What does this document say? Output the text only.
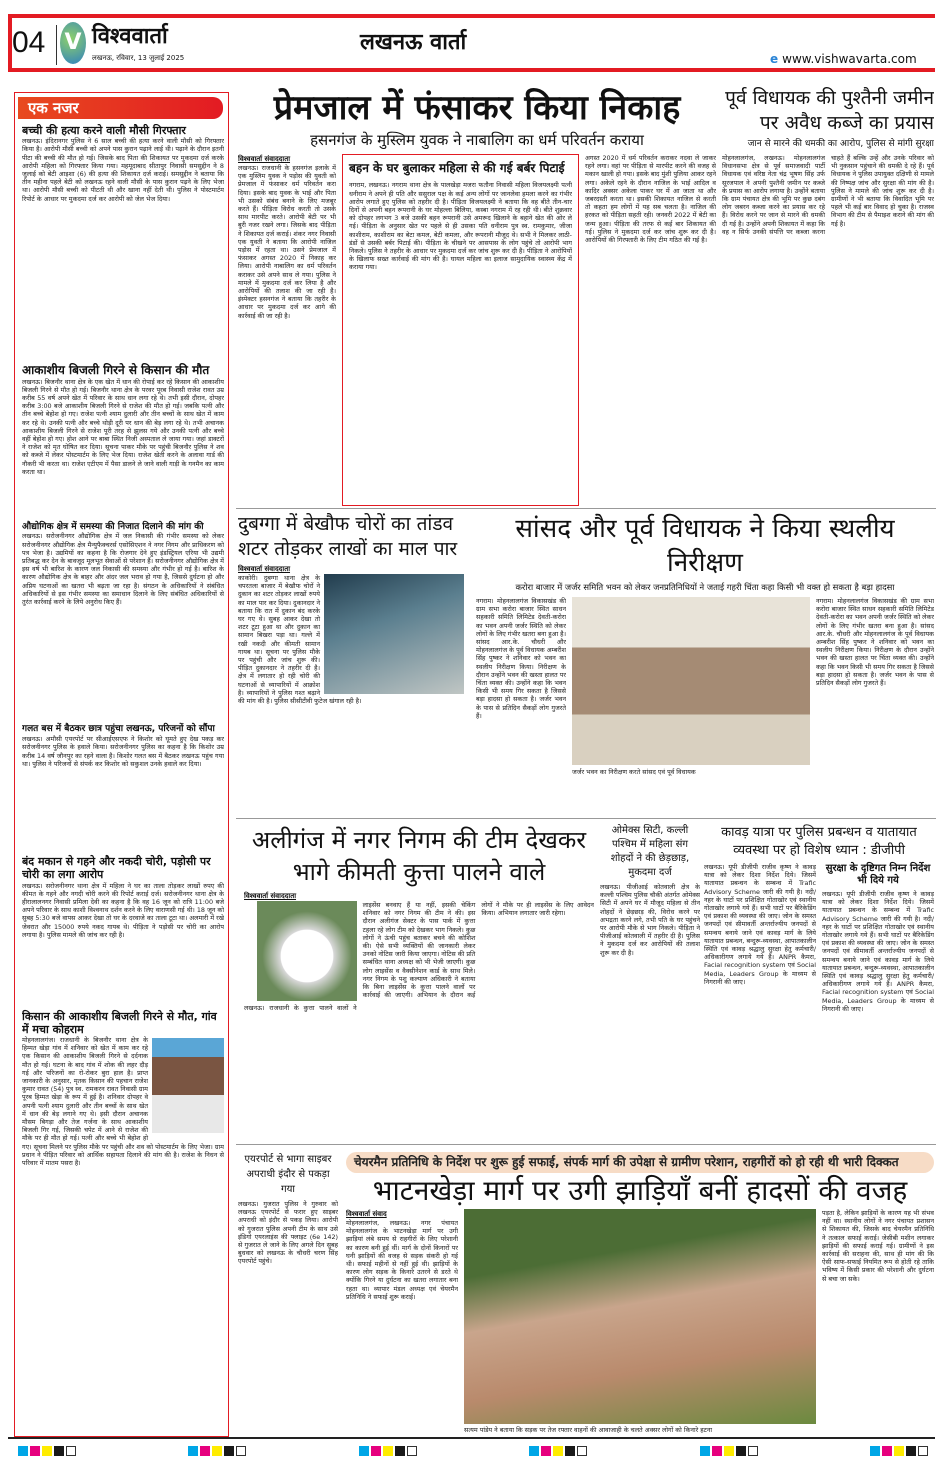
04 V विश्ववार्ता
लखनऊ, रविवार, 13 जुलाई 2025
लखनऊ वार्ता
e www.vishwavarta.com
एक नजर
बच्ची की हत्या करने वाली मौसी गिरफ्तार
लखनऊ। इंदिरानगर पुलिस ने 6 साल बच्ची की हत्या करने वाली मौसी को गिरफ्तार किया है। आरोपी मौसी बच्ची को अपने पास कुरान पढ़ाने लाई थी। पढ़ाने के दौरान इतनी पीटा की बच्ची की मौत हो गई। जिसके बाद पिता की शिकायत पर मुकदमा दर्ज करके आरोपी महिला को गिरफ्तार किया गया। महमूदाबाद सीतापुर निवासी समसुद्दीन ने 8 जुलाई को बेटी आइशा (6) की हत्या की शिकायत दर्ज कराई। समसुद्दीन ने बताया कि तीन महीना पहले बेटी को लखनऊ रहने वाली मौसी के पास कुरान पढ़ने के लिए भेजा था। आरोपी मौसी बच्ची को पीटती थी और खाना नहीं देती थी। पुलिस ने पोस्टमार्टम रिपोर्ट के आधार पर मुकदमा दर्ज कर आरोपी को जेल भेज दिया।
आकाशीय बिजली गिरने से किसान की मौत
लखनऊ। बिजनौर थाना क्षेत्र के एक खेत में धान की रोपाई कर रहे किसान की आकाशीय बिजली गिरने से मौत हो गई। बिजनौर थाना क्षेत्र के परवर पूरब निवासी राजेश रावत उम्र करीब 55 वर्ष अपने खेत में परिवार के साथ धान लगा रहे थे। तभी इसी दौरान, दोपहर करीब 3:00 बजे आकाशीय बिजली गिरने से राजेश की मौत हो गई। जबकि पत्नी और तीन बच्चे बेहोश हो गए। राजेश पत्नी श्याम दुलारी और तीन बच्चों के साथ खेत में काम कर रहे थे। उनकी पत्नी और बच्चे थोड़ी दूरी पर धान की बेड़ लगा रहे थे। तभी अचानक आकाशीय बिजली गिरने से राजेश पूरी तरह से झुलस गये और उनकी पत्नी और बच्चे वहीं बेहोश हो गए। होश आने पर बाबा स्थित निजी अस्पताल ले जाया गया। जहां डाक्टरों ने राजेश को मृत घोषित कर दिया। सूचना पाकर मौके पर पहुंची बिजनौर पुलिस ने शव को कब्जे में लेकर पोस्टमार्टम के लिए भेज दिया। राजेश खेती करने के अलावा गार्ड की नौकरी भी करता था। राजेश एटीएम में पैसा डालने ले जाने वाली गाड़ी के गनमैन का काम करता था।
औद्योगिक क्षेत्र में समस्या की निजात दिलाने की मांग की
लखनऊ। सरोजनीनगर औद्योगिक क्षेत्र में जल निकासी की गंभीर समस्या को लेकर सरोजनीनगर औद्योगिक क्षेत्र मैन्युफैक्चरर्स एसोसिएशन ने नगर निगम और प्राधिकरण को पत्र भेजा है। उद्यमियों का कहना है कि रोजगार देने हुए इंडस्ट्रियल एरिया भी उद्यमी प्रतिबद्ध कर देन के बावजूद मूलभूत सेवाओं से परेशान हैं। सरोजनीनगर औद्योगिक क्षेत्र में इस वर्ष भी बारिश के कारण जल निकासी की समस्या और गंभीर हो गई है। बारिश के कारण औद्योगिक क्षेत्र के बाहर और अंदर जल भराव हो गया है, जिससे दुर्घटना हो और अप्रिय घटनाओं का खतरा भी बढ़ता जा रहा है। संगठन के अधिकारियों ने संबंधित अधिकारियों से इस गंभीर समस्या का समाधान दिलाने के लिए संबंधित अधिकारियों से तुरंत कार्रवाई करने के लिये अनुरोध किए हैं।
गलत बस में बैठकर छात्र पहुंचा लखनऊ, परिजनों को सौंपा
लखनऊ। अमौसी एयरपोर्ट पर सीआईएसएफ ने किशोर को घूमते हुए देख पकड़ कर सरोजनीनगर पुलिस के हवाले किया। सरोजनीनगर पुलिस का कहना है कि किशोर उम्र करीब 14 वर्ष जौनपुर का रहने वाला है। किशोर गलत बस में बैठकर लखनऊ पहुंच गया था। पुलिस ने परिजनों से संपर्क कर किशोर को सकुशल उनके हवाले कर दिया।
बंद मकान से गहने और नकदी चोरी, पड़ोसी पर चोरी का लगा आरोप
लखनऊ। सरोजनीनगर थाना क्षेत्र में महिला ने घर का ताला तोड़कर लाखों रुपए की कीमत के गहने और नगदी चोरी करने की रिपोर्ट कराई दर्ज। सरोजनीनगर थाना क्षेत्र के हीरालालनगर निवासी प्रमिला देवी का कहना है कि वह 16 जून को रात्रि 11:00 बजे अपने परिवार के साथ काशी विश्वनाथ दर्शन करने के लिए वाराणसी गई थी। 18 जून को सुबह 5:30 बजे वापस आकर देखा तो घर के दरवाजे का ताला टूटा था। अलमारी में रखे जेवरात और 15000 रुपये नकद गायब थे। पीड़िता ने पड़ोसी पर चोरी का आरोप लगाया है। पुलिस मामले की जांच कर रही है।
किसान की आकाशीय बिजली गिरने से मौत, गांव में मचा कोहराम
मोहनलालगंज। राजधानी के बिजनौर थाना क्षेत्र के हिम्मत खेड़ा गांव में शनिवार को खेत में काम कर रहे एक किसान की आकाशीय बिजली गिरने से दर्दनाक मौत हो गई। घटना के बाद गांव में शोक की लहर दौड़ गई और परिजनों का रो-रोकर बुरा हाल है। प्राप्त जानकारी के अनुसार, मृतक किसान की पहचान राजेश कुमार रावत (54) पुत्र स्व. रामकरन रावत निवासी ग्राम पूरब हिम्मत खेड़ा के रूप में हुई है। शनिवार दोपहर वे अपनी पत्नी श्याम दुलारी और तीन बच्चों के साथ खेत में धान की बेड़ लगाने गए थे। इसी दौरान अचानक मौसम बिगड़ा और तेज गर्जना के साथ आकाशीय बिजली गिर गई, जिसकी चपेट में आने से राजेश की मौके पर ही मौत हो गई। पत्नी और बच्चे भी बेहोश हो गए। सूचना मिलने पर पुलिस मौके पर पहुंची और शव को पोस्टमार्टम के लिए भेजा। ग्राम प्रधान ने पीड़ित परिवार को आर्थिक सहायता दिलाने की मांग की है। राजेश के निधन से परिवार में मातम पसरा है।
प्रेमजाल में फंसाकर किया निकाह
हसनगंज के मुस्लिम युवक ने नाबालिग का धर्म परिवर्तन कराया
विश्ववार्ता संवाददाता
लखनऊ। राजधानी के हसनगंज इलाके में एक मुस्लिम युवक ने पड़ोस की युवती को प्रेमजाल में फंसाकर धर्म परिवर्तन करा दिया। इसके बाद युवक के भाई और पिता भी उसको संबंध बनाने के लिए मजबूर करते हैं। पीड़िता विरोध करती तो उसके साथ मारपीट करते। आरोपी बेटी पर भी बुरी नजर रखने लगा। जिसके बाद पीड़िता ने शिकायत दर्ज कराई। शंकर नगर निवासी एक युवती ने बताया कि आरोपी नाजिल पड़ोस में रहता था। उसने प्रेमजाल में फंसाकर अगस्त 2020 में निकाह कर लिया। आरोपी नाबालिग का धर्म परिवर्तन कराकर उसे अपने साथ ले गया। पुलिस ने मामले में मुकदमा दर्ज कर लिया है और आरोपियों की तलाश की जा रही है। इंस्पेक्टर हसनगंज ने बताया कि तहरीर के आधार पर मुकदमा दर्ज कर आगे की कार्रवाई की जा रही है।
बहन के घर बुलाकर महिला से की गई बर्बर पिटाई
नगराम, लखनऊ। नगराम थाना क्षेत्र के पालखेड़ा मजरा फतौना निवासी महिला विजयलक्ष्मी पत्नी धनीराम ने अपने ही पति और ससुराल पक्ष के कई अन्य लोगों पर जानलेवा हमला करने का गंभीर आरोप लगाते हुए पुलिस को तहरीर दी है। पीड़िता विजयलक्ष्मी ने बताया कि वह बीते तीन-चार दिनों से अपनी बहन रूपरानी के घर मोहल्ला बिलिया, कस्बा नगराम में रह रही थी। बीते शुक्रवार को दोपहर लगभग 3 बजे उसकी बहन रूपरानी उसे अमरूद खिलाने के बहाने खेत की ओर ले गई। पीड़िता के अनुसार खेत पर पहले से ही उसका पति धनीराम पुत्र स्व. रामकुमार, जीजा काशीराम, काशीराम का बेटा कमल, बेटी कमला, और रूपरानी मौजूद थे। सभी ने मिलकर लाठी-डंडों से उसकी बर्बर पिटाई की। पीड़िता के चीखने पर आसपास के लोग पहुंचे तो आरोपी भाग निकले। पुलिस ने तहरीर के आधार पर मुकदमा दर्ज कर जांच शुरू कर दी है। पीड़िता ने आरोपियों के खिलाफ सख्त कार्रवाई की मांग की है। घायल महिला का इलाज सामुदायिक स्वास्थ्य केंद्र में कराया गया।
अगस्त 2020 में धर्म परिवर्तन कराकर नदवा ले जाकर रहने लगा। वहां पर पीड़िता से मारपीट करने की वजह से मकान खाली हो गया। इसके बाद मुंशी पुलिया आकर रहने लगा। अकेले रहने के दौरान नाजिल के भाई आदिल व कादिर अक्सर अकेला पाकर घर में आ जाता था और जबरदस्ती करता था। इसकी शिकायत नाजिल से करती तो कहता हम लोगों में यह सब चलता है। नाजिल की हरकत को पीड़िता सहती रही। जनवरी 2022 में बेटी का जन्म हुआ। पीड़िता की तरफ से कई बार शिकायत की गई। पुलिस ने मुकदमा दर्ज कर जांच शुरू कर दी है। आरोपियों की गिरफ्तारी के लिए टीम गठित की गई है।
पूर्व विधायक की पुश्तैनी जमीन पर अवैध कब्जे का प्रयास
जान से मारने की धमकी का आरोप, पुलिस से मांगी सुरक्षा
मोहनलालगंज, लखनऊ। मोहनलालगंज विधानसभा क्षेत्र से पूर्व समाजवादी पार्टी विधायक एवं वरिष्ठ नेता चंद्र भूषण सिंह उर्फ सूरजपाल ने अपनी पुश्तैनी जमीन पर कब्जे के प्रयास का आरोप लगाया है। उन्होंने बताया कि ग्राम पंचायत क्षेत्र की भूमि पर कुछ दबंग लोग जबरन कब्जा करने का प्रयास कर रहे हैं। विरोध करने पर जान से मारने की धमकी दी गई है। उन्होंने अपनी शिकायत में कहा कि वह न सिर्फ उनकी संपत्ति पर कब्जा करना चाहते हैं बल्कि उन्हें और उनके परिवार को भी नुकसान पहुंचाने की धमकी दे रहे हैं। पूर्व विधायक ने पुलिस उपायुक्त दक्षिणी से मामले की निष्पक्ष जांच और सुरक्षा की मांग की है। पुलिस ने मामले की जांच शुरू कर दी है। ग्रामीणों ने भी बताया कि विवादित भूमि पर पहले भी कई बार विवाद हो चुका है। राजस्व विभाग की टीम से पैमाइश कराने की मांग की गई है।
दुबग्गा में बेखौफ चोरों का तांडव शटर तोड़कर लाखों का माल पार
विश्ववार्ता संवाददाता
काकोरी। दुबग्गा थाना क्षेत्र के चपरतला बाजार में बेखौफ चोरों ने दुकान का शटर तोड़कर लाखों रुपये का माल पार कर दिया। दुकानदार ने बताया कि रात में दुकान बंद करके घर गए थे। सुबह आकर देखा तो शटर टूटा हुआ था और दुकान का सामान बिखरा पड़ा था। गल्ले में रखी नकदी और कीमती सामान गायब था। सूचना पर पुलिस मौके पर पहुंची और जांच शुरू की। पीड़ित दुकानदार ने तहरीर दी है। क्षेत्र में लगातार हो रही चोरी की घटनाओं से व्यापारियों में आक्रोश है। व्यापारियों ने पुलिस गश्त बढ़ाने की मांग की है। पुलिस सीसीटीवी फुटेज खंगाल रही है।
सांसद और पूर्व विधायक ने किया स्थलीय निरीक्षण
करोरा बाजार में जर्जर समिति भवन को लेकर जनप्रतिनिधियों ने जताई गहरी चिंता कहा किसी भी वक्त हो सकता है बड़ा हादसा
नगराम। मोहनलालगंज विकासखंड की ग्राम सभा करोरा बाजार स्थित साधन सहकारी समिति लिमिटेड देवती-करोरा का भवन अपनी जर्जर स्थिति को लेकर लोगों के लिए गंभीर खतरा बना हुआ है। सांसद आर.के. चौधरी और मोहनलालगंज के पूर्व विधायक अम्बरीश सिंह पुष्कर ने शनिवार को भवन का स्थलीय निरीक्षण किया। निरीक्षण के दौरान उन्होंने भवन की खस्ता हालत पर चिंता व्यक्त की। उन्होंने कहा कि भवन किसी भी समय गिर सकता है जिससे बड़ा हादसा हो सकता है। जर्जर भवन के पास से प्रतिदिन सैकड़ों लोग गुजरते हैं।
जर्जर भवन का निरीक्षण करते सांसद एवं पूर्व विधायक
नगराम। मोहनलालगंज विकासखंड की ग्राम सभा करोरा बाजार स्थित साधन सहकारी समिति लिमिटेड देवती-करोरा का भवन अपनी जर्जर स्थिति को लेकर लोगों के लिए गंभीर खतरा बना हुआ है। सांसद आर.के. चौधरी और मोहनलालगंज के पूर्व विधायक अम्बरीश सिंह पुष्कर ने शनिवार को भवन का स्थलीय निरीक्षण किया। निरीक्षण के दौरान उन्होंने भवन की खस्ता हालत पर चिंता व्यक्त की। उन्होंने कहा कि भवन किसी भी समय गिर सकता है जिससे बड़ा हादसा हो सकता है। जर्जर भवन के पास से प्रतिदिन सैकड़ों लोग गुजरते हैं।
अलीगंज में नगर निगम की टीम देखकर भागे कीमती कुत्ता पालने वाले
विश्ववार्ता संवाददाता
लखनऊ। राजधानी के कुत्ता पालने वालों ने लाइसेंस बनवाए हैं या नहीं, इसकी चेकिंग शनिवार को नगर निगम की टीम ने की। इस दौरान अलीगंज सेक्टर के पास पार्क में कुत्ता टहला रहे लोग टीम को देखकर भाग निकले। कुछ लोगों ने ऊंची पहुंच बताकर बचने की कोशिश की। ऐसे सभी व्यक्तियों की जानकारी लेकर उनको नोटिस जारी किया जाएगा। नोटिस की प्रति सम्बंधित थाना अध्यक्ष को भी भेजी जाएगी। कुछ लोग लाइसेंस व वैक्सीनेशन कार्ड के साथ मिले। नगर निगम के पशु कल्याण अधिकारी ने बताया कि बिना लाइसेंस के कुत्ता पालने वालों पर कार्रवाई की जाएगी। अभियान के दौरान कई लोगों ने मौके पर ही लाइसेंस के लिए आवेदन किया। अभियान लगातार जारी रहेगा।
ओमेक्स सिटी, कल्ली पश्चिम में महिला संग शोहदों ने की छेड़छाड़, मुकदमा दर्ज
लखनऊ। पीजीआई कोतवाली क्षेत्र के कल्ली पश्चिम पुलिस चौकी अंतर्गत ओमेक्स सिटी में अपने घर में मौजूद महिला से तीन शोहदों ने छेड़छाड़ की, विरोध करने पर अभद्रता करने लगे, तभी पति के घर पहुंचने पर आरोपी मौके से भाग निकले। पीड़िता ने पीजीआई कोतवाली में तहरीर दी है। पुलिस ने मुकदमा दर्ज कर आरोपियों की तलाश शुरू कर दी है।
कावड़ यात्रा पर पुलिस प्रबन्धन व यातायात व्यवस्था पर हो विशेष ध्यान : डीजीपी
लखनऊ। यूपी डीजीपी राजीव कृष्ण ने कावड़ यात्रा को लेकर दिशा निर्देश दिये। जिसमें यातायात प्रबन्धन के सम्बन्ध में Trafic Advisory Scheme जारी की गयी है। नदी/नहर के घाटों पर प्रशिक्षित गोताखोर एवं स्थानीय गोताखोर लगाये गये हैं। सभी घाटों पर बैरिकेडिंग एवं प्रकाश की व्यवस्था की जाए। जोन के समस्त जनपदों एवं सीमावर्ती अन्तर्राज्यीय जनपदों से समन्वय बनाये जाने एवं कावड़ मार्ग के लिये यातायात प्रबन्धन, बन्दुरू-व्यवस्था, आपातकालीन स्थिति एवं कावड़ श्रद्धालु सुरक्षा हेतु कर्मचारी/अधिकारीगण लगाये गये हैं। ANPR कैमरा, Facial recognition system एवं Social Media, Leaders Group के माध्यम से निगरानी की जाए।
सुरक्षा के दृष्टिगत निम्न निर्देश भी दिये गये
लखनऊ। यूपी डीजीपी राजीव कृष्ण ने कावड़ यात्रा को लेकर दिशा निर्देश दिये। जिसमें यातायात प्रबन्धन के सम्बन्ध में Trafic Advisory Scheme जारी की गयी है। नदी/नहर के घाटों पर प्रशिक्षित गोताखोर एवं स्थानीय गोताखोर लगाये गये हैं। सभी घाटों पर बैरिकेडिंग एवं प्रकाश की व्यवस्था की जाए। जोन के समस्त जनपदों एवं सीमावर्ती अन्तर्राज्यीय जनपदों से समन्वय बनाये जाने एवं कावड़ मार्ग के लिये यातायात प्रबन्धन, बन्दुरू-व्यवस्था, आपातकालीन स्थिति एवं कावड़ श्रद्धालु सुरक्षा हेतु कर्मचारी/अधिकारीगण लगाये गये हैं। ANPR कैमरा, Facial recognition system एवं Social Media, Leaders Group के माध्यम से निगरानी की जाए।
एयरपोर्ट से भागा साइबर अपराधी इंदौर से पकड़ा गया
लखनऊ। गुजरात पुलिस ने गुरुवार को लखनऊ एयरपोर्ट से फरार हुए साइबर अपराधी को इंदौर से पकड़ लिया। आरोपी को गुजरात पुलिस अपनी टीम के साथ उसे इंडिगो एयरलाइंस की फ्लाइट (6e 142) से गुजरात ले जाने के लिए अगले दिन सुबह बुधवार को लखनऊ के चौधरी चरण सिंह एयरपोर्ट पहुंचे।
चेयरमैन प्रतिनिधि के निर्देश पर शुरू हुई सफाई, संपर्क मार्ग की उपेक्षा से ग्रामीण परेशान, राहगीरों को हो रही थी भारी दिक्कत
भाटनखेड़ा मार्ग पर उगी झाड़ियाँ बनीं हादसों की वजह
विश्ववार्ता संवाद
मोहनलालगंज, लखनऊ। नगर पंचायत मोहनलालगंज के भाटनखेड़ा मार्ग पर उगी झाड़ियां लंबे समय से राहगीरों के लिए परेशानी का कारण बनी हुई थीं। मार्ग के दोनों किनारों पर घनी झाड़ियों की वजह से सड़क संकरी हो गई थी। सफाई महीनों से नहीं हुई थी। झाड़ियों के कारण लोग सड़क के किनारे उतरने से डरते थे क्योंकि गिरने या दुर्घटना का खतरा लगातार बना रहता था। व्यापार मंडल अध्यक्ष एवं चेयरमैन प्रतिनिधि ने सफाई शुरू कराई।
सत्यम पांडेय ने बताया कि सड़क पर तेज रफ्तार वाहनों की आवाजाही के चलते अक्सर लोगों को किनारे हटना
पड़ता है, लेकिन झाड़ियों के कारण यह भी संभव नहीं था। स्थानीय लोगों ने नगर पंचायत प्रशासन से शिकायत की, जिसके बाद चेयरमैन प्रतिनिधि ने तत्काल सफाई कराई। जेसीबी मशीन लगाकर झाड़ियों की सफाई कराई गई। ग्रामीणों ने इस कार्रवाई की सराहना की, साथ ही मांग की कि ऐसी साफ-सफाई नियमित रूप से होती रहे ताकि भविष्य में किसी प्रकार की परेशानी और दुर्घटना से बचा जा सके।
